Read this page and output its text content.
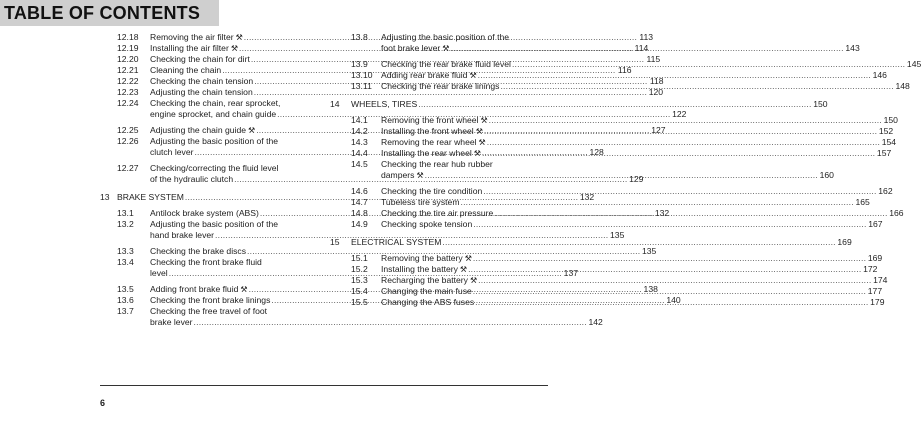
TABLE OF CONTENTS
12.18	Removing the air filter ⚒ .....	113
12.19	Installing the air filter ⚒ .....	114
12.20	Checking the chain for dirt .....	115
12.21	Cleaning the chain .....	116
12.22	Checking the chain tension .....	118
12.23	Adjusting the chain tension .....	120
12.24	Checking the chain, rear sprocket,
engine sprocket, and chain guide .....	122
12.25	Adjusting the chain guide ⚒ .....	127
12.26	Adjusting the basic position of the
clutch lever .....	128
12.27	Checking/correcting the fluid level
of the hydraulic clutch .....	129
13 BRAKE SYSTEM .....	132
13.1	Antilock brake system (ABS) .....	132
13.2	Adjusting the basic position of the
hand brake lever .....	135
13.3	Checking the brake discs .....	135
13.4	Checking the front brake fluid
level .....	137
13.5	Adding front brake fluid ⚒ .....	138
13.6	Checking the front brake linings .....	140
13.7	Checking the free travel of foot
brake lever .....	142
13.8	Adjusting the basic position of the
foot brake lever ⚒ .....	143
13.9	Checking the rear brake fluid level .....	145
13.10 Adding rear brake fluid ⚒ .....	146
13.11	Checking the rear brake linings .....	148
14	WHEELS, TIRES .....	150
14.1	Removing the front wheel ⚒ .....	150
14.2	Installing the front wheel ⚒ .....	152
14.3	Removing the rear wheel ⚒ .....	154
14.4	Installing the rear wheel ⚒ .....	157
14.5	Checking the rear hub rubber
dampers ⚒ .....	160
14.6	Checking the tire condition .....	162
14.7	Tubeless tire system .....	165
14.8	Checking the tire air pressure .....	166
14.9	Checking spoke tension .....	167
15	ELECTRICAL SYSTEM .....	169
15.1	Removing the battery ⚒ .....	169
15.2	Installing the battery ⚒ .....	172
15.3	Recharging the battery ⚒ .....	174
15.4	Changing the main fuse .....	177
15.5	Changing the ABS fuses .....	179
6
